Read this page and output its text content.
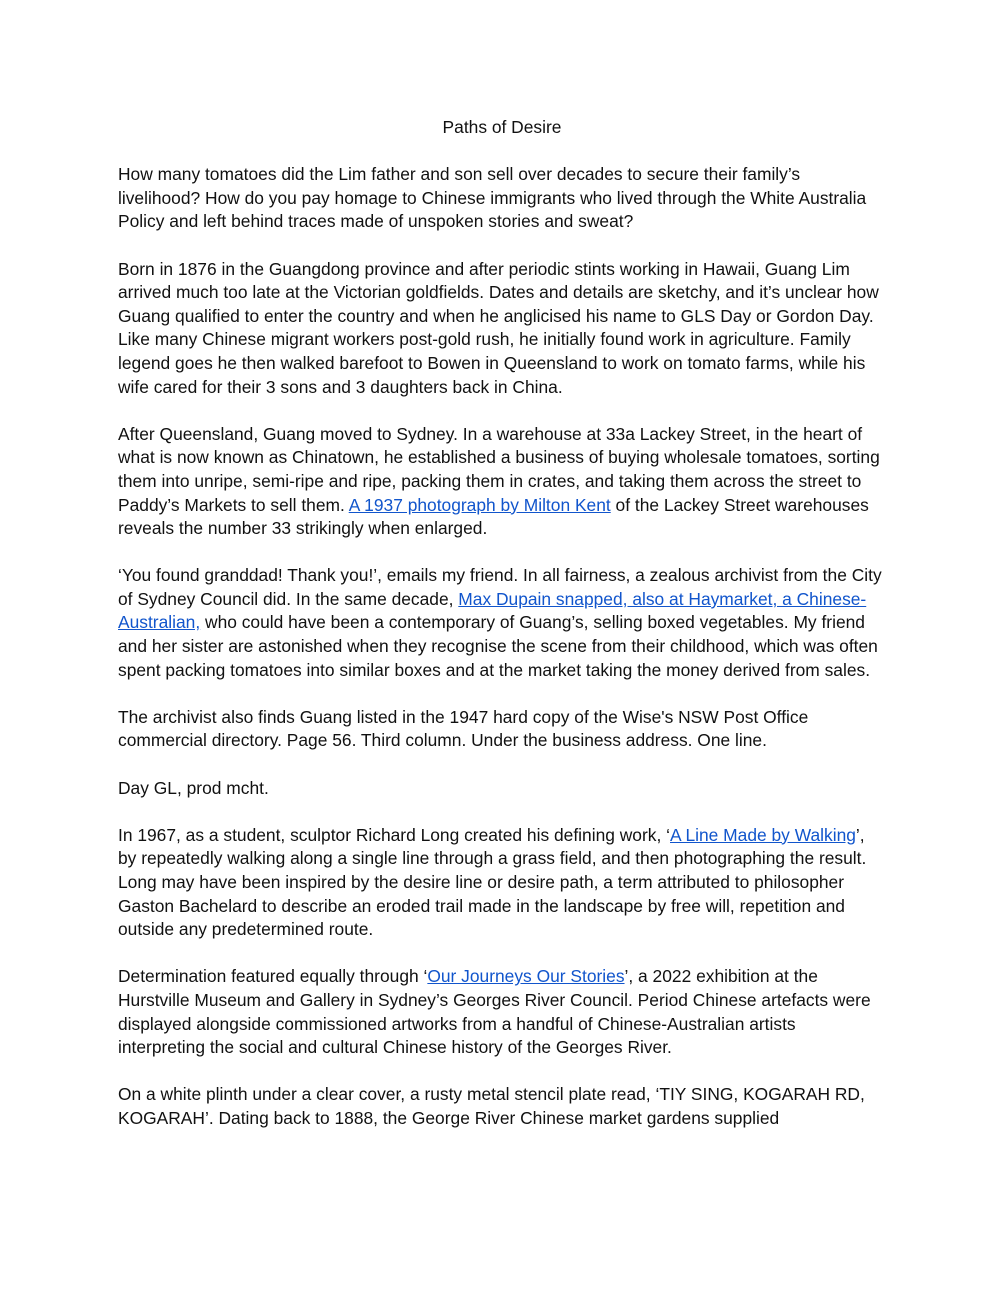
Paths of Desire

How many tomatoes did the Lim father and son sell over decades to secure their family’s livelihood? How do you pay homage to Chinese immigrants who lived through the White Australia Policy and left behind traces made of unspoken stories and sweat?

Born in 1876 in the Guangdong province and after periodic stints working in Hawaii, Guang Lim arrived much too late at the Victorian goldfields. Dates and details are sketchy, and it’s unclear how Guang qualified to enter the country and when he anglicised his name to GLS Day or Gordon Day. Like many Chinese migrant workers post-gold rush, he initially found work in agriculture. Family legend goes he then walked barefoot to Bowen in Queensland to work on tomato farms, while his wife cared for their 3 sons and 3 daughters back in China.

After Queensland, Guang moved to Sydney. In a warehouse at 33a Lackey Street, in the heart of what is now known as Chinatown, he established a business of buying wholesale tomatoes, sorting them into unripe, semi-ripe and ripe, packing them in crates, and taking them across the street to Paddy’s Markets to sell them. A 1937 photograph by Milton Kent of the Lackey Street warehouses reveals the number 33 strikingly when enlarged.

‘You found granddad! Thank you!’, emails my friend. In all fairness, a zealous archivist from the City of Sydney Council did. In the same decade, Max Dupain snapped, also at Haymarket, a Chinese-Australian, who could have been a contemporary of Guang’s, selling boxed vegetables. My friend and her sister are astonished when they recognise the scene from their childhood, which was often spent packing tomatoes into similar boxes and at the market taking the money derived from sales.

The archivist also finds Guang listed in the 1947 hard copy of the Wise's NSW Post Office commercial directory. Page 56. Third column. Under the business address. One line.

Day GL, prod mcht.

In 1967, as a student, sculptor Richard Long created his defining work, ‘A Line Made by Walking’, by repeatedly walking along a single line through a grass field, and then photographing the result. Long may have been inspired by the desire line or desire path, a term attributed to philosopher Gaston Bachelard to describe an eroded trail made in the landscape by free will, repetition and outside any predetermined route.

Determination featured equally through ‘Our Journeys Our Stories’, a 2022 exhibition at the Hurstville Museum and Gallery in Sydney’s Georges River Council. Period Chinese artefacts were displayed alongside commissioned artworks from a handful of Chinese-Australian artists interpreting the social and cultural Chinese history of the Georges River.

On a white plinth under a clear cover, a rusty metal stencil plate read, ‘TIY SING, KOGARAH RD, KOGARAH’. Dating back to 1888, the George River Chinese market gardens supplied
